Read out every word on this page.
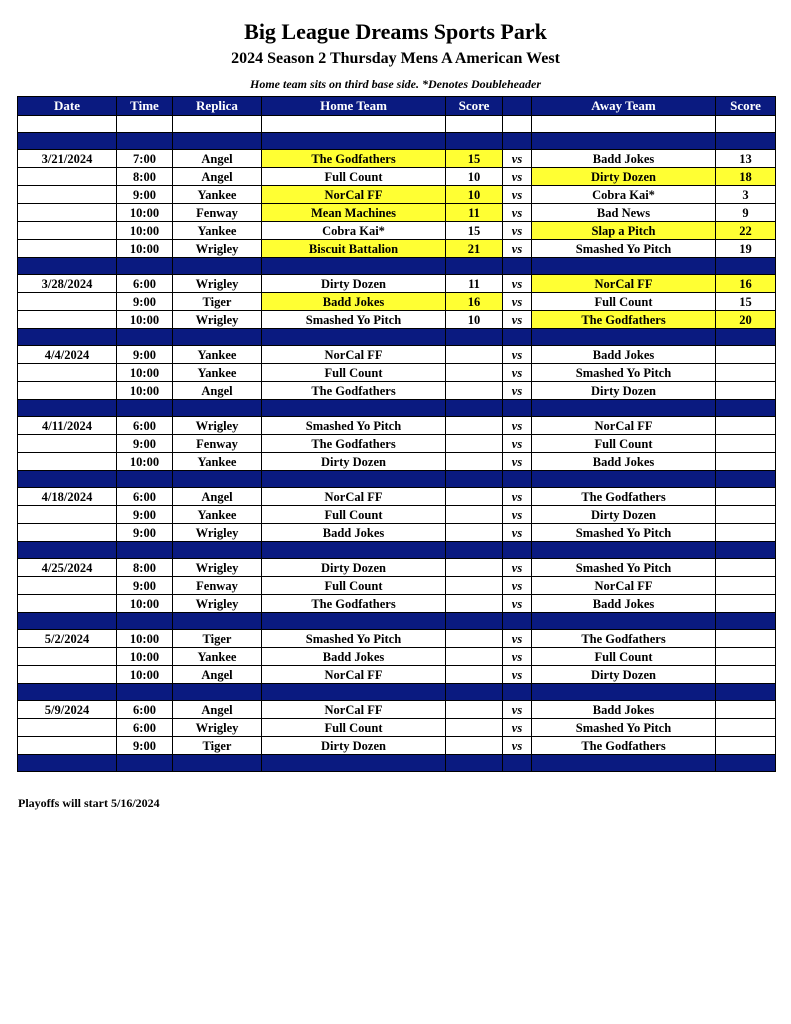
Big League Dreams Sports Park
2024 Season 2 Thursday Mens A American West
Home team sits on third base side. *Denotes Doubleheader
Date	Time	Replica	Home Team	Score		Away Team	Score

3/21/2024	7:00	Angel	The Godfathers	15	vs	Badd Jokes	13
	8:00	Angel	Full Count	10	vs	Dirty Dozen	18
	9:00	Yankee	NorCal FF	10	vs	Cobra Kai*	3
	10:00	Fenway	Mean Machines	11	vs	Bad News	9
	10:00	Yankee	Cobra Kai*	15	vs	Slap a Pitch	22
	10:00	Wrigley	Biscuit Battalion	21	vs	Smashed Yo Pitch	19

3/28/2024	6:00	Wrigley	Dirty Dozen	11	vs	NorCal FF	16
	9:00	Tiger	Badd Jokes	16	vs	Full Count	15
	10:00	Wrigley	Smashed Yo Pitch	10	vs	The Godfathers	20

4/4/2024	9:00	Yankee	NorCal FF		vs	Badd Jokes	
	10:00	Yankee	Full Count		vs	Smashed Yo Pitch	
	10:00	Angel	The Godfathers		vs	Dirty Dozen	

4/11/2024	6:00	Wrigley	Smashed Yo Pitch		vs	NorCal FF	
	9:00	Fenway	The Godfathers		vs	Full Count	
	10:00	Yankee	Dirty Dozen		vs	Badd Jokes	

4/18/2024	6:00	Angel	NorCal FF		vs	The Godfathers	
	9:00	Yankee	Full Count		vs	Dirty Dozen	
	9:00	Wrigley	Badd Jokes		vs	Smashed Yo Pitch	

4/25/2024	8:00	Wrigley	Dirty Dozen		vs	Smashed Yo Pitch	
	9:00	Fenway	Full Count		vs	NorCal FF	
	10:00	Wrigley	The Godfathers		vs	Badd Jokes	

5/2/2024	10:00	Tiger	Smashed Yo Pitch		vs	The Godfathers	
	10:00	Yankee	Badd Jokes		vs	Full Count	
	10:00	Angel	NorCal FF		vs	Dirty Dozen	

5/9/2024	6:00	Angel	NorCal FF		vs	Badd Jokes	
	6:00	Wrigley	Full Count		vs	Smashed Yo Pitch	
	9:00	Tiger	Dirty Dozen		vs	The Godfathers	

Playoffs will start 5/16/2024
